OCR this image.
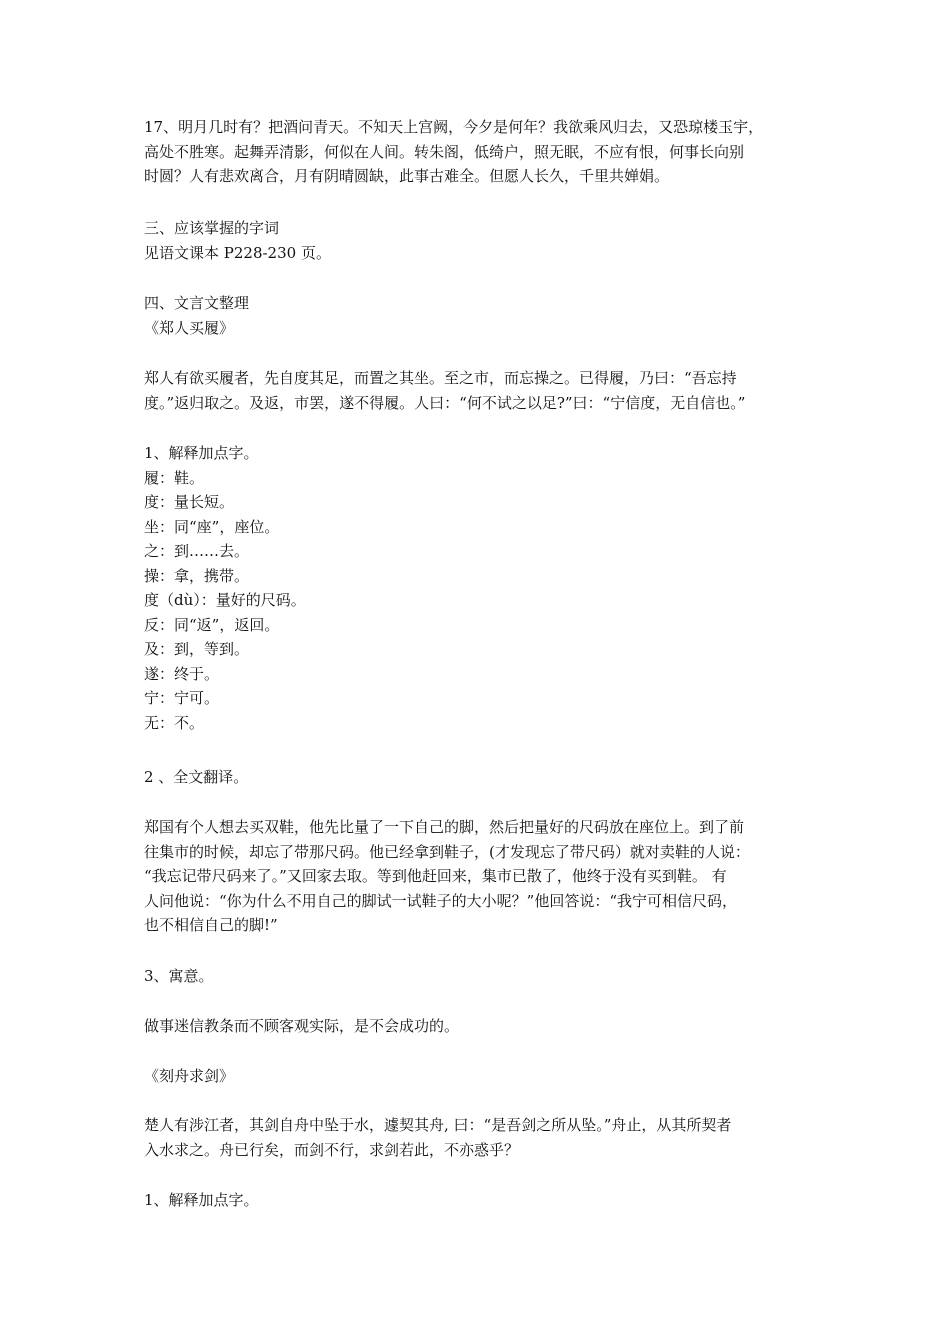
17、明月几时有？把酒问青天。不知天上宫阙，今夕是何年？我欲乘风归去，又恐琼楼玉宇，
高处不胜寒。起舞弄清影，何似在人间。转朱阁，低绮户，照无眠，不应有恨，何事长向别
时圆？人有悲欢离合，月有阴晴圆缺，此事古难全。但愿人长久，千里共婵娟。
三、应该掌握的字词
见语文课本 P228-230 页。
四、文言文整理
《郑人买履》
郑人有欲买履者，先自度其足，而置之其坐。至之市，而忘操之。已得履，乃曰：“吾忘持
度。”返归取之。及返，市罢，遂不得履。人曰：“何不试之以足?”曰：“宁信度，无自信也。”
1、解释加点字。
履：鞋。
度：量长短。
坐：同“座”，座位。
之：到……去。
操：拿，携带。
度（dù）：量好的尺码。
反：同“返”，返回。
及：到，等到。
遂：终于。
宁：宁可。
无：不。
2 、全文翻译。
郑国有个人想去买双鞋，他先比量了一下自己的脚，然后把量好的尺码放在座位上。到了前
往集市的时候，却忘了带那尺码。他已经拿到鞋子，(才发现忘了带尺码）就对卖鞋的人说：
“我忘记带尺码来了。”又回家去取。等到他赶回来，集市已散了，他终于没有买到鞋。 有
人问他说：“你为什么不用自己的脚试一试鞋子的大小呢？”他回答说：“我宁可相信尺码，
也不相信自己的脚!”
3、寓意。
做事迷信教条而不顾客观实际，是不会成功的。
《刻舟求剑》
楚人有涉江者，其剑自舟中坠于水，遽契其舟, 曰：“是吾剑之所从坠。”舟止，从其所契者
入水求之。舟已行矣，而剑不行，求剑若此，不亦惑乎？
1、解释加点字。
